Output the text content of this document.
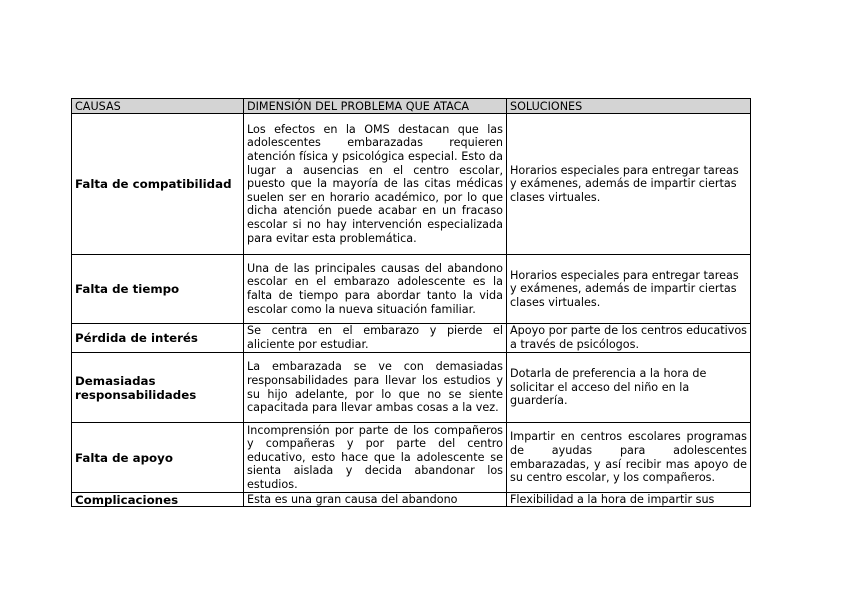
CAUSAS	DIMENSIÓN DEL PROBLEMA QUE ATACA	SOLUCIONES
Falta de compatibilidad	Los efectos en la OMS destacan que las adolescentes embarazadas requieren atención física y psicológica especial. Esto da lugar a ausencias en el centro escolar, puesto que la mayoría de las citas médicas suelen ser en horario académico, por lo que dicha atención puede acabar en un fracaso escolar si no hay intervención especializada para evitar esta problemática.	Horarios especiales para entregar tareas y exámenes, además de impartir ciertas clases virtuales.
Falta de tiempo	Una de las principales causas del abandono escolar en el embarazo adolescente es la falta de tiempo para abordar tanto la vida escolar como la nueva situación familiar.	Horarios especiales para entregar tareas y exámenes, además de impartir ciertas clases virtuales.
Pérdida de interés	Se centra en el embarazo y pierde el aliciente por estudiar.	Apoyo por parte de los centros educativos a través de psicólogos.
Demasiadas responsabilidades	La embarazada se ve con demasiadas responsabilidades para llevar los estudios y su hijo adelante, por lo que no se siente capacitada para llevar ambas cosas a la vez.	Dotarla de preferencia a la hora de solicitar el acceso del niño en la guardería.
Falta de apoyo	Incomprensión por parte de los compañeros y compañeras y por parte del centro educativo, esto hace que la adolescente se sienta aislada y decida abandonar los estudios.	Impartir en centros escolares programas de ayudas para adolescentes embarazadas, y así recibir mas apoyo de su centro escolar, y los compañeros.

Complicaciones	Esta es una gran causa del abandono	Flexibilidad a la hora de impartir sus
